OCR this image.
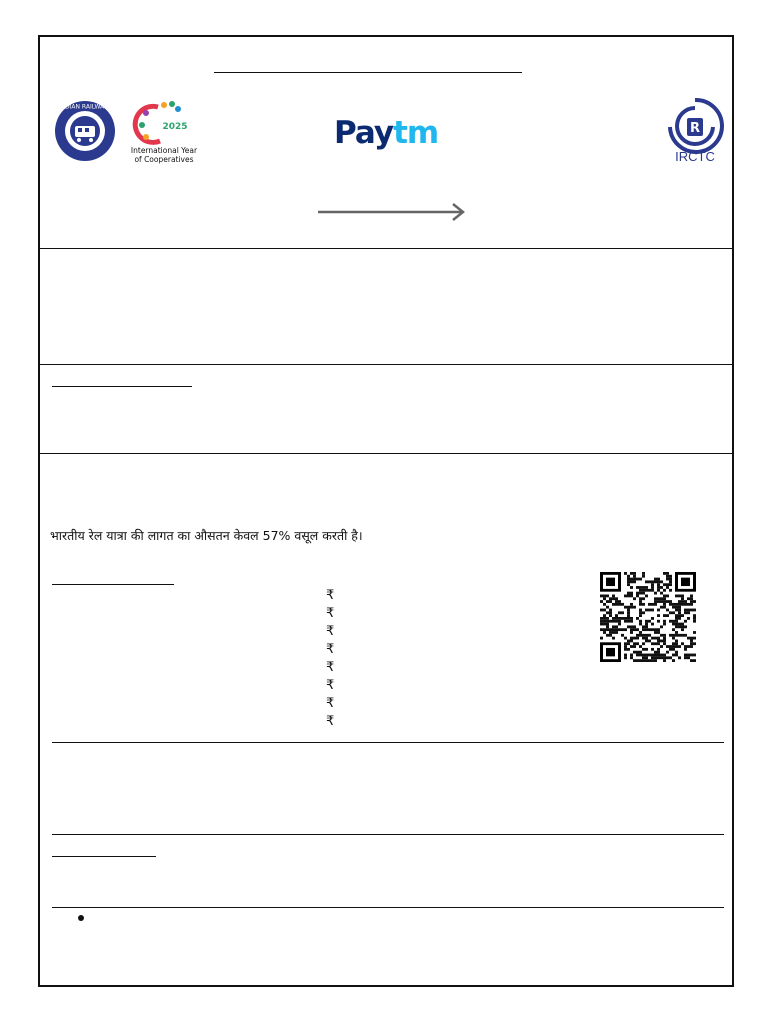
INDIAN RAILWAYS
2025
International Year
of Cooperatives
Paytm	R
IRCTC
भारतीय रेल यात्रा की लागत का औसतन केवल 57% वसूल करती है।
₹
₹
₹
₹
₹
₹
₹
₹
